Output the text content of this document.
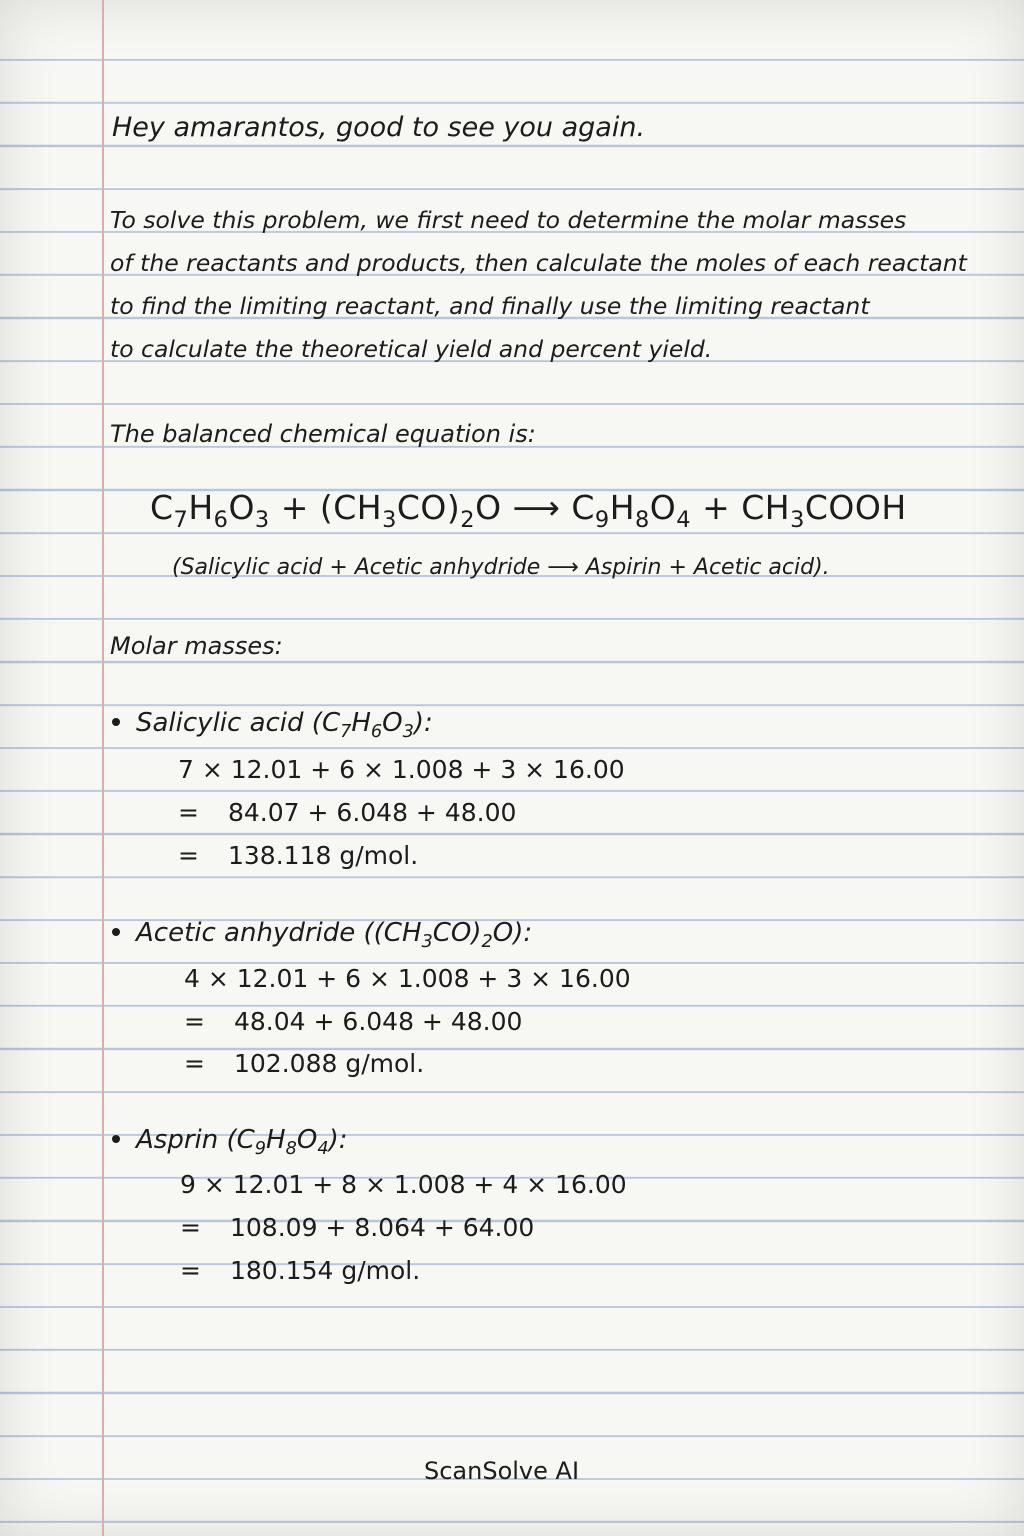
Hey amarantos, good to see you again.
To solve this problem, we first need to determine the molar masses
of the reactants and products, then calculate the moles of each reactant
to find the limiting reactant, and finally use the limiting reactant
to calculate the theoretical yield and percent yield.
The balanced chemical equation is:
$C_7H_6O_3 + (CH_3CO)_2O$ ⟶ $C_9H_8O_4$ + $CH_3COOH$
(Salicylic acid + Acetic anhydride ⟶ Aspirin + Acetic acid).
Molar masses:
Salicylic acid $(C_7H_6O_3)$:
7 × 12.01 + 6 × 1.008 + 3 × 16.00
= 84.07 + 6.048 + 48.00
= 138.118 g/mol.
Acetic anhydride $((CH_3CO)_2O)$:
4 × 12.01 + 6 × 1.008 + 3 × 16.00
= 48.04 + 6.048 + 48.00
= 102.088 g/mol.
Asprin $(C_9H_8O_4)$:
9 × 12.01 + 8 × 1.008 + 4 × 16.00
= 108.09 + 8.064 + 64.00
= 180.154 g/mol.
ScanSolve AI
